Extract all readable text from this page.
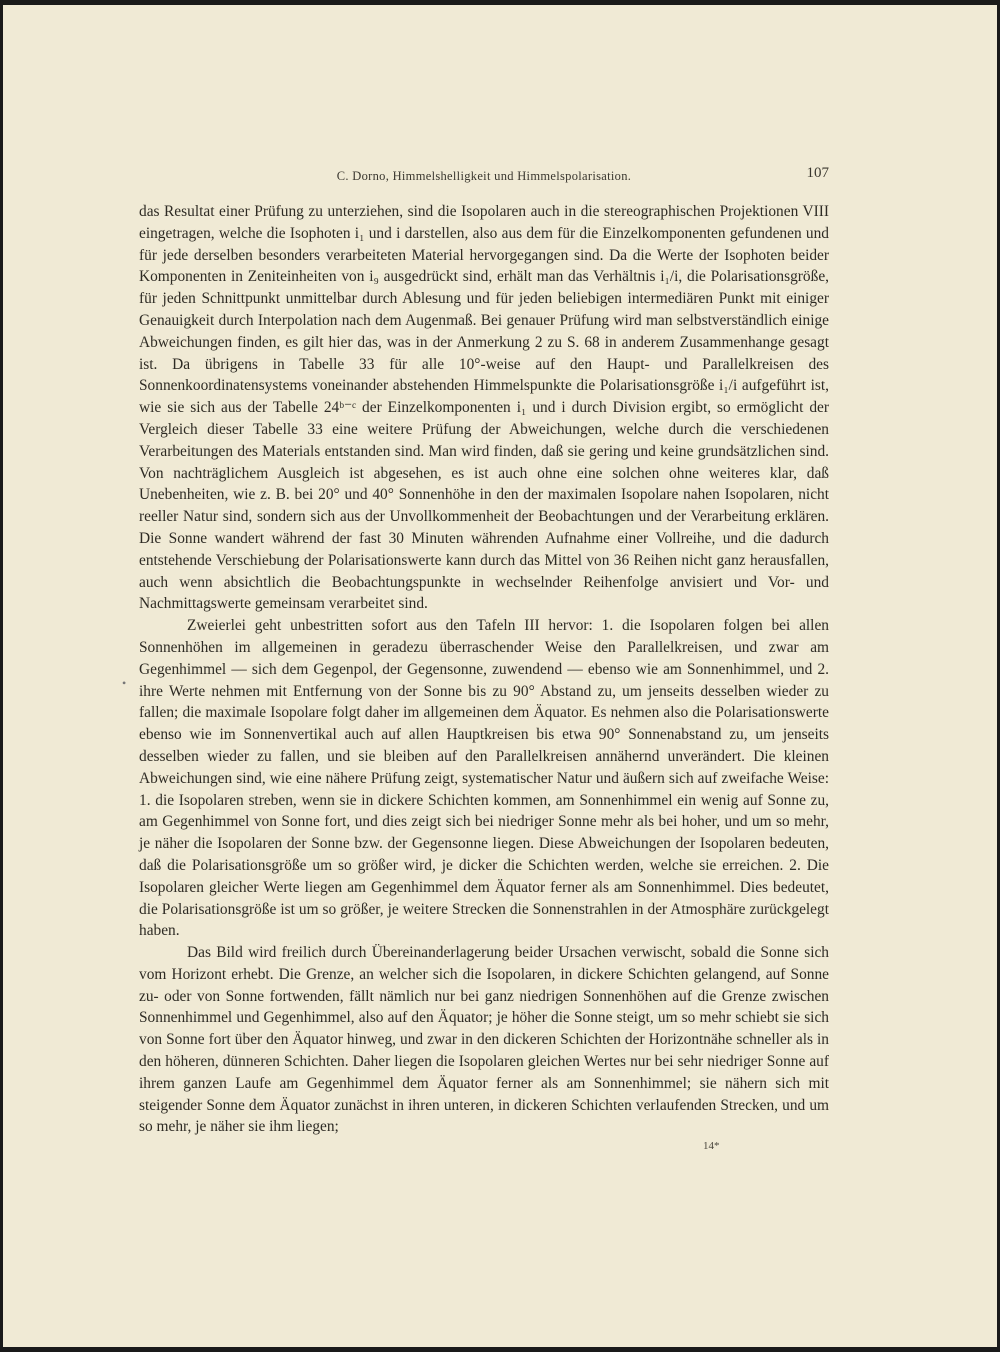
C. Dorno, Himmelshelligkeit und Himmelspolarisation.	107

das Resultat einer Prüfung zu unterziehen, sind die Isopolaren auch in die stereographischen Projektionen VIII eingetragen, welche die Isophoten i₁ und i darstellen, also aus dem für die Einzelkomponenten gefundenen und für jede derselben besonders verarbeiteten Material hervorgegangen sind. Da die Werte der Isophoten beider Komponenten in Zeniteinheiten von i₉ ausgedrückt sind, erhält man das Verhältnis i₁/i, die Polarisationsgröße, für jeden Schnittpunkt unmittelbar durch Ablesung und für jeden beliebigen intermediären Punkt mit einiger Genauigkeit durch Interpolation nach dem Augenmaß. Bei genauer Prüfung wird man selbstverständlich einige Abweichungen finden, es gilt hier das, was in der Anmerkung 2 zu S. 68 in anderem Zusammenhange gesagt ist. Da übrigens in Tabelle 33 für alle 10°-weise auf den Haupt- und Parallelkreisen des Sonnenkoordinatensystems voneinander abstehenden Himmelspunkte die Polarisationsgröße i₁/i aufgeführt ist, wie sie sich aus der Tabelle 24ᵇ⁻ᶜ der Einzelkomponenten i₁ und i durch Division ergibt, so ermöglicht der Vergleich dieser Tabelle 33 eine weitere Prüfung der Abweichungen, welche durch die verschiedenen Verarbeitungen des Materials entstanden sind. Man wird finden, daß sie gering und keine grundsätzlichen sind. Von nachträglichem Ausgleich ist abgesehen, es ist auch ohne eine solchen ohne weiteres klar, daß Unebenheiten, wie z. B. bei 20° und 40° Sonnenhöhe in den der maximalen Isopolare nahen Isopolaren, nicht reeller Natur sind, sondern sich aus der Unvollkommenheit der Beobachtungen und der Verarbeitung erklären. Die Sonne wandert während der fast 30 Minuten währenden Aufnahme einer Vollreihe, und die dadurch entstehende Verschiebung der Polarisationswerte kann durch das Mittel von 36 Reihen nicht ganz herausfallen, auch wenn absichtlich die Beobachtungspunkte in wechselnder Reihenfolge anvisiert und Vor- und Nachmittagswerte gemeinsam verarbeitet sind.

Zweierlei geht unbestritten sofort aus den Tafeln III hervor: 1. die Isopolaren folgen bei allen Sonnenhöhen im allgemeinen in geradezu überraschender Weise den Parallelkreisen, und zwar am Gegenhimmel — sich dem Gegenpol, der Gegensonne, zuwendend — ebenso wie am Sonnenhimmel, und 2. ihre Werte nehmen mit Entfernung von der Sonne bis zu 90° Abstand zu, um jenseits desselben wieder zu fallen; die maximale Isopolare folgt daher im allgemeinen dem Äquator. Es nehmen also die Polarisationswerte ebenso wie im Sonnenvertikal auch auf allen Hauptkreisen bis etwa 90° Sonnenabstand zu, um jenseits desselben wieder zu fallen, und sie bleiben auf den Parallelkreisen annähernd unverändert. Die kleinen Abweichungen sind, wie eine nähere Prüfung zeigt, systematischer Natur und äußern sich auf zweifache Weise: 1. die Isopolaren streben, wenn sie in dickere Schichten kommen, am Sonnenhimmel ein wenig auf Sonne zu, am Gegenhimmel von Sonne fort, und dies zeigt sich bei niedriger Sonne mehr als bei hoher, und um so mehr, je näher die Isopolaren der Sonne bzw. der Gegensonne liegen. Diese Abweichungen der Isopolaren bedeuten, daß die Polarisationsgröße um so größer wird, je dicker die Schichten werden, welche sie erreichen. 2. Die Isopolaren gleicher Werte liegen am Gegenhimmel dem Äquator ferner als am Sonnenhimmel. Dies bedeutet, die Polarisationsgröße ist um so größer, je weitere Strecken die Sonnenstrahlen in der Atmosphäre zurückgelegt haben.

Das Bild wird freilich durch Übereinanderlagerung beider Ursachen verwischt, sobald die Sonne sich vom Horizont erhebt. Die Grenze, an welcher sich die Isopolaren, in dickere Schichten gelangend, auf Sonne zu- oder von Sonne fortwenden, fällt nämlich nur bei ganz niedrigen Sonnenhöhen auf die Grenze zwischen Sonnenhimmel und Gegenhimmel, also auf den Äquator; je höher die Sonne steigt, um so mehr schiebt sie sich von Sonne fort über den Äquator hinweg, und zwar in den dickeren Schichten der Horizontnähe schneller als in den höheren, dünneren Schichten. Daher liegen die Isopolaren gleichen Wertes nur bei sehr niedriger Sonne auf ihrem ganzen Laufe am Gegenhimmel dem Äquator ferner als am Sonnenhimmel; sie nähern sich mit steigender Sonne dem Äquator zunächst in ihren unteren, in dickeren Schichten verlaufenden Strecken, und um so mehr, je näher sie ihm liegen;

•
14*
